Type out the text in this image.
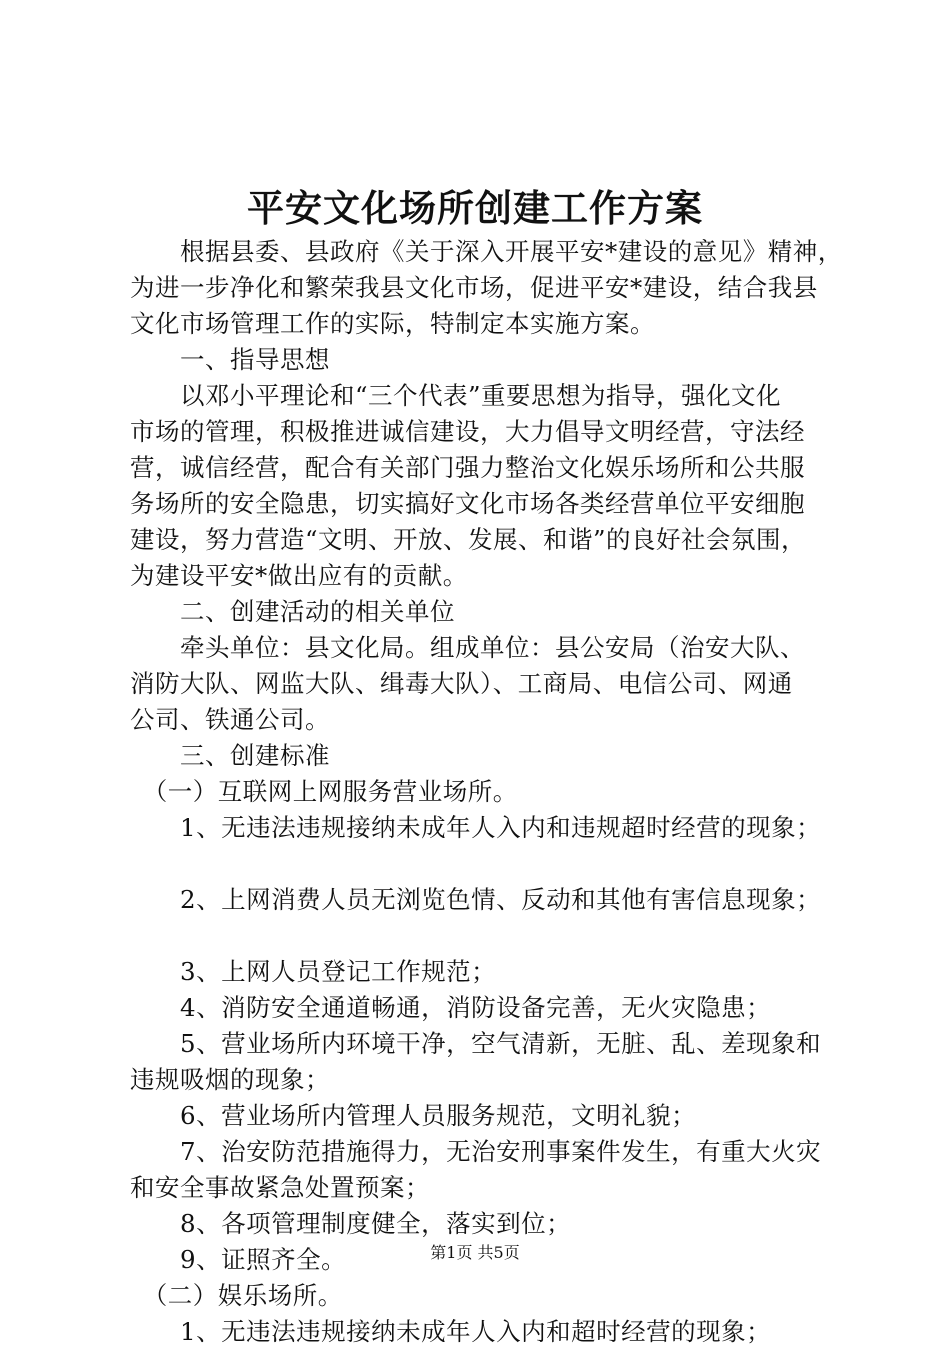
平安文化场所创建工作方案
　　根据县委、县政府《关于深入开展平安*建设的意见》精神，
为进一步净化和繁荣我县文化市场，促进平安*建设，结合我县
文化市场管理工作的实际，特制定本实施方案。
　　一、指导思想
　　以邓小平理论和“三个代表”重要思想为指导，强化文化
市场的管理，积极推进诚信建设，大力倡导文明经营，守法经
营，诚信经营，配合有关部门强力整治文化娱乐场所和公共服
务场所的安全隐患，切实搞好文化市场各类经营单位平安细胞
建设，努力营造“文明、开放、发展、和谐”的良好社会氛围，
为建设平安*做出应有的贡献。
　　二、创建活动的相关单位
　　牵头单位：县文化局。组成单位：县公安局（治安大队、
消防大队、网监大队、缉毒大队）、工商局、电信公司、网通
公司、铁通公司。
　　三、创建标准
　（一）互联网上网服务营业场所。
　　1、无违法违规接纳未成年人入内和违规超时经营的现象；
　　2、上网消费人员无浏览色情、反动和其他有害信息现象；
　　3、上网人员登记工作规范；
　　4、消防安全通道畅通，消防设备完善，无火灾隐患；
　　5、营业场所内环境干净，空气清新，无脏、乱、差现象和
违规吸烟的现象；
　　6、营业场所内管理人员服务规范，文明礼貌；
　　7、治安防范措施得力，无治安刑事案件发生，有重大火灾
和安全事故紧急处置预案；
　　8、各项管理制度健全，落实到位；
　　9、证照齐全。
　（二）娱乐场所。
　　1、无违法违规接纳未成年人入内和超时经营的现象；
第1页 共5页
